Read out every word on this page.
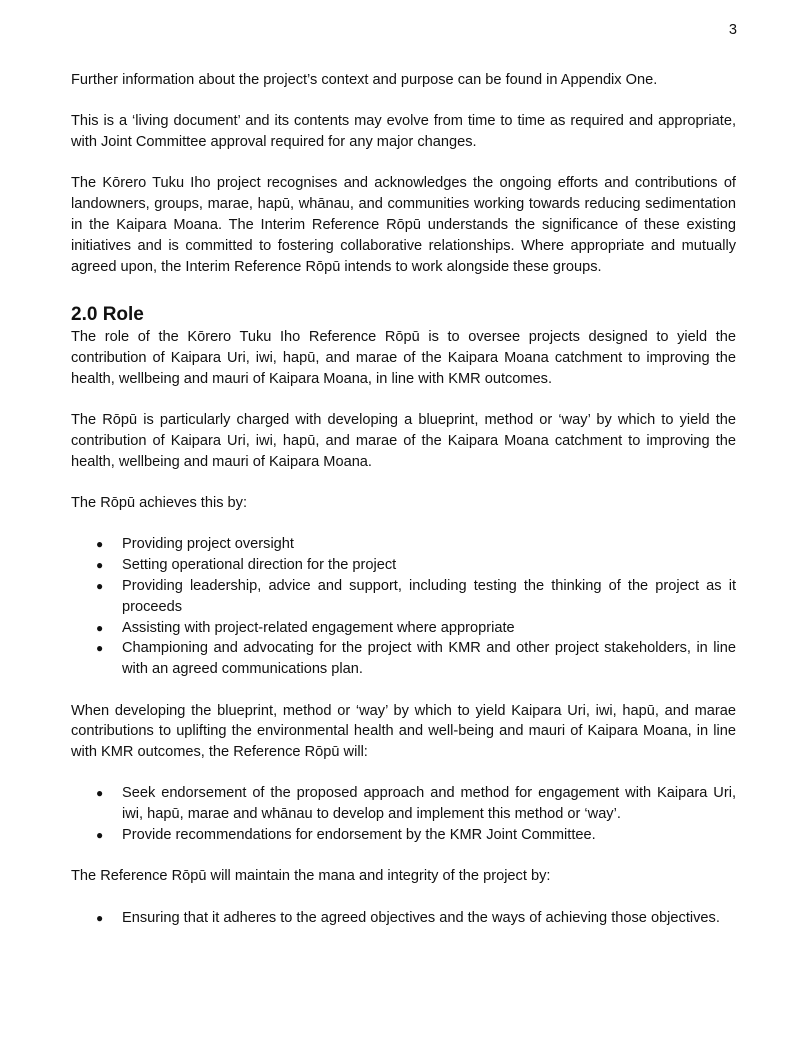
3

Further information about the project’s context and purpose can be found in Appendix One.

This is a ‘living document’ and its contents may evolve from time to time as required and appropriate, with Joint Committee approval required for any major changes.

The Kōrero Tuku Iho project recognises and acknowledges the ongoing efforts and contributions of landowners, groups, marae, hapū, whānau, and communities working towards reducing sedimentation in the Kaipara Moana. The Interim Reference Rōpū understands the significance of these existing initiatives and is committed to fostering collaborative relationships. Where appropriate and mutually agreed upon, the Interim Reference Rōpū intends to work alongside these groups.

2.0 Role

The role of the Kōrero Tuku Iho Reference Rōpū is to oversee projects designed to yield the contribution of Kaipara Uri, iwi, hapū, and marae of the Kaipara Moana catchment to improving the health, wellbeing and mauri of Kaipara Moana, in line with KMR outcomes.

The Rōpū is particularly charged with developing a blueprint, method or ‘way’ by which to yield the contribution of Kaipara Uri, iwi, hapū, and marae of the Kaipara Moana catchment to improving the health, wellbeing and mauri of Kaipara Moana.

The Rōpū achieves this by:

● Providing project oversight
● Setting operational direction for the project
● Providing leadership, advice and support, including testing the thinking of the project as it proceeds
● Assisting with project-related engagement where appropriate
● Championing and advocating for the project with KMR and other project stakeholders, in line with an agreed communications plan.

When developing the blueprint, method or ‘way’ by which to yield Kaipara Uri, iwi, hapū, and marae contributions to uplifting the environmental health and well-being and mauri of Kaipara Moana, in line with KMR outcomes, the Reference Rōpū will:

● Seek endorsement of the proposed approach and method for engagement with Kaipara Uri, iwi, hapū, marae and whānau to develop and implement this method or ‘way’.
● Provide recommendations for endorsement by the KMR Joint Committee.

The Reference Rōpū will maintain the mana and integrity of the project by:

● Ensuring that it adheres to the agreed objectives and the ways of achieving those objectives.
